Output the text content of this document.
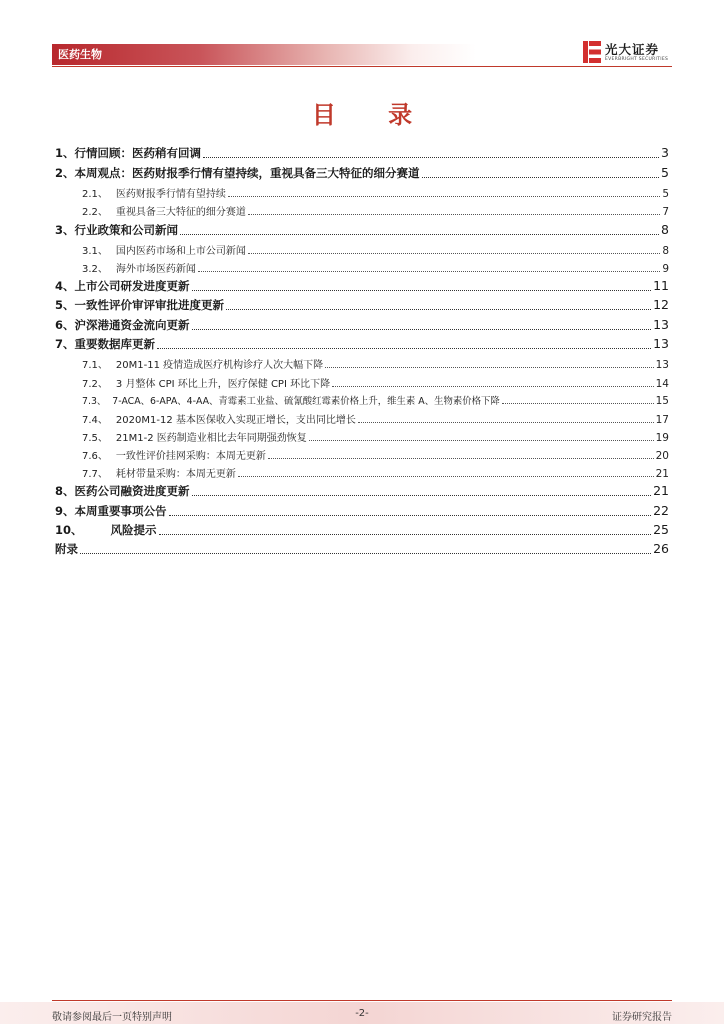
医药生物	光大证券
EVERBRIGHT SECURITIES
目 录
1、 行情回顾：医药稍有回调	3
2、 本周观点：医药财报季行情有望持续，重视具备三大特征的细分赛道	5
2.1、 医药财报季行情有望持续	5
2.2、 重视具备三大特征的细分赛道	7
3、 行业政策和公司新闻	8
3.1、 国内医药市场和上市公司新闻	8
3.2、 海外市场医药新闻	9
4、 上市公司研发进度更新	11
5、 一致性评价审评审批进度更新	12
6、 沪深港通资金流向更新	13
7、 重要数据库更新	13
7.1、 20M1-11 疫情造成医疗机构诊疗人次大幅下降	13
7.2、 3 月整体 CPI 环比上升，医疗保健 CPI 环比下降	14
7.3、 7-ACA、6-APA、4-AA、青霉素工业盐、硫氰酸红霉素价格上升，维生素 A、生物素价格下降	15
7.4、 2020M1-12 基本医保收入实现正增长，支出同比增长	17
7.5、 21M1-2 医药制造业相比去年同期强劲恢复	19
7.6、 一致性评价挂网采购：本周无更新	20
7.7、 耗材带量采购：本周无更新	21
8、 医药公司融资进度更新	21
9、 本周重要事项公告	22
10、 风险提示	25
附录	26
敬请参阅最后一页特别声明	-2-	证券研究报告
